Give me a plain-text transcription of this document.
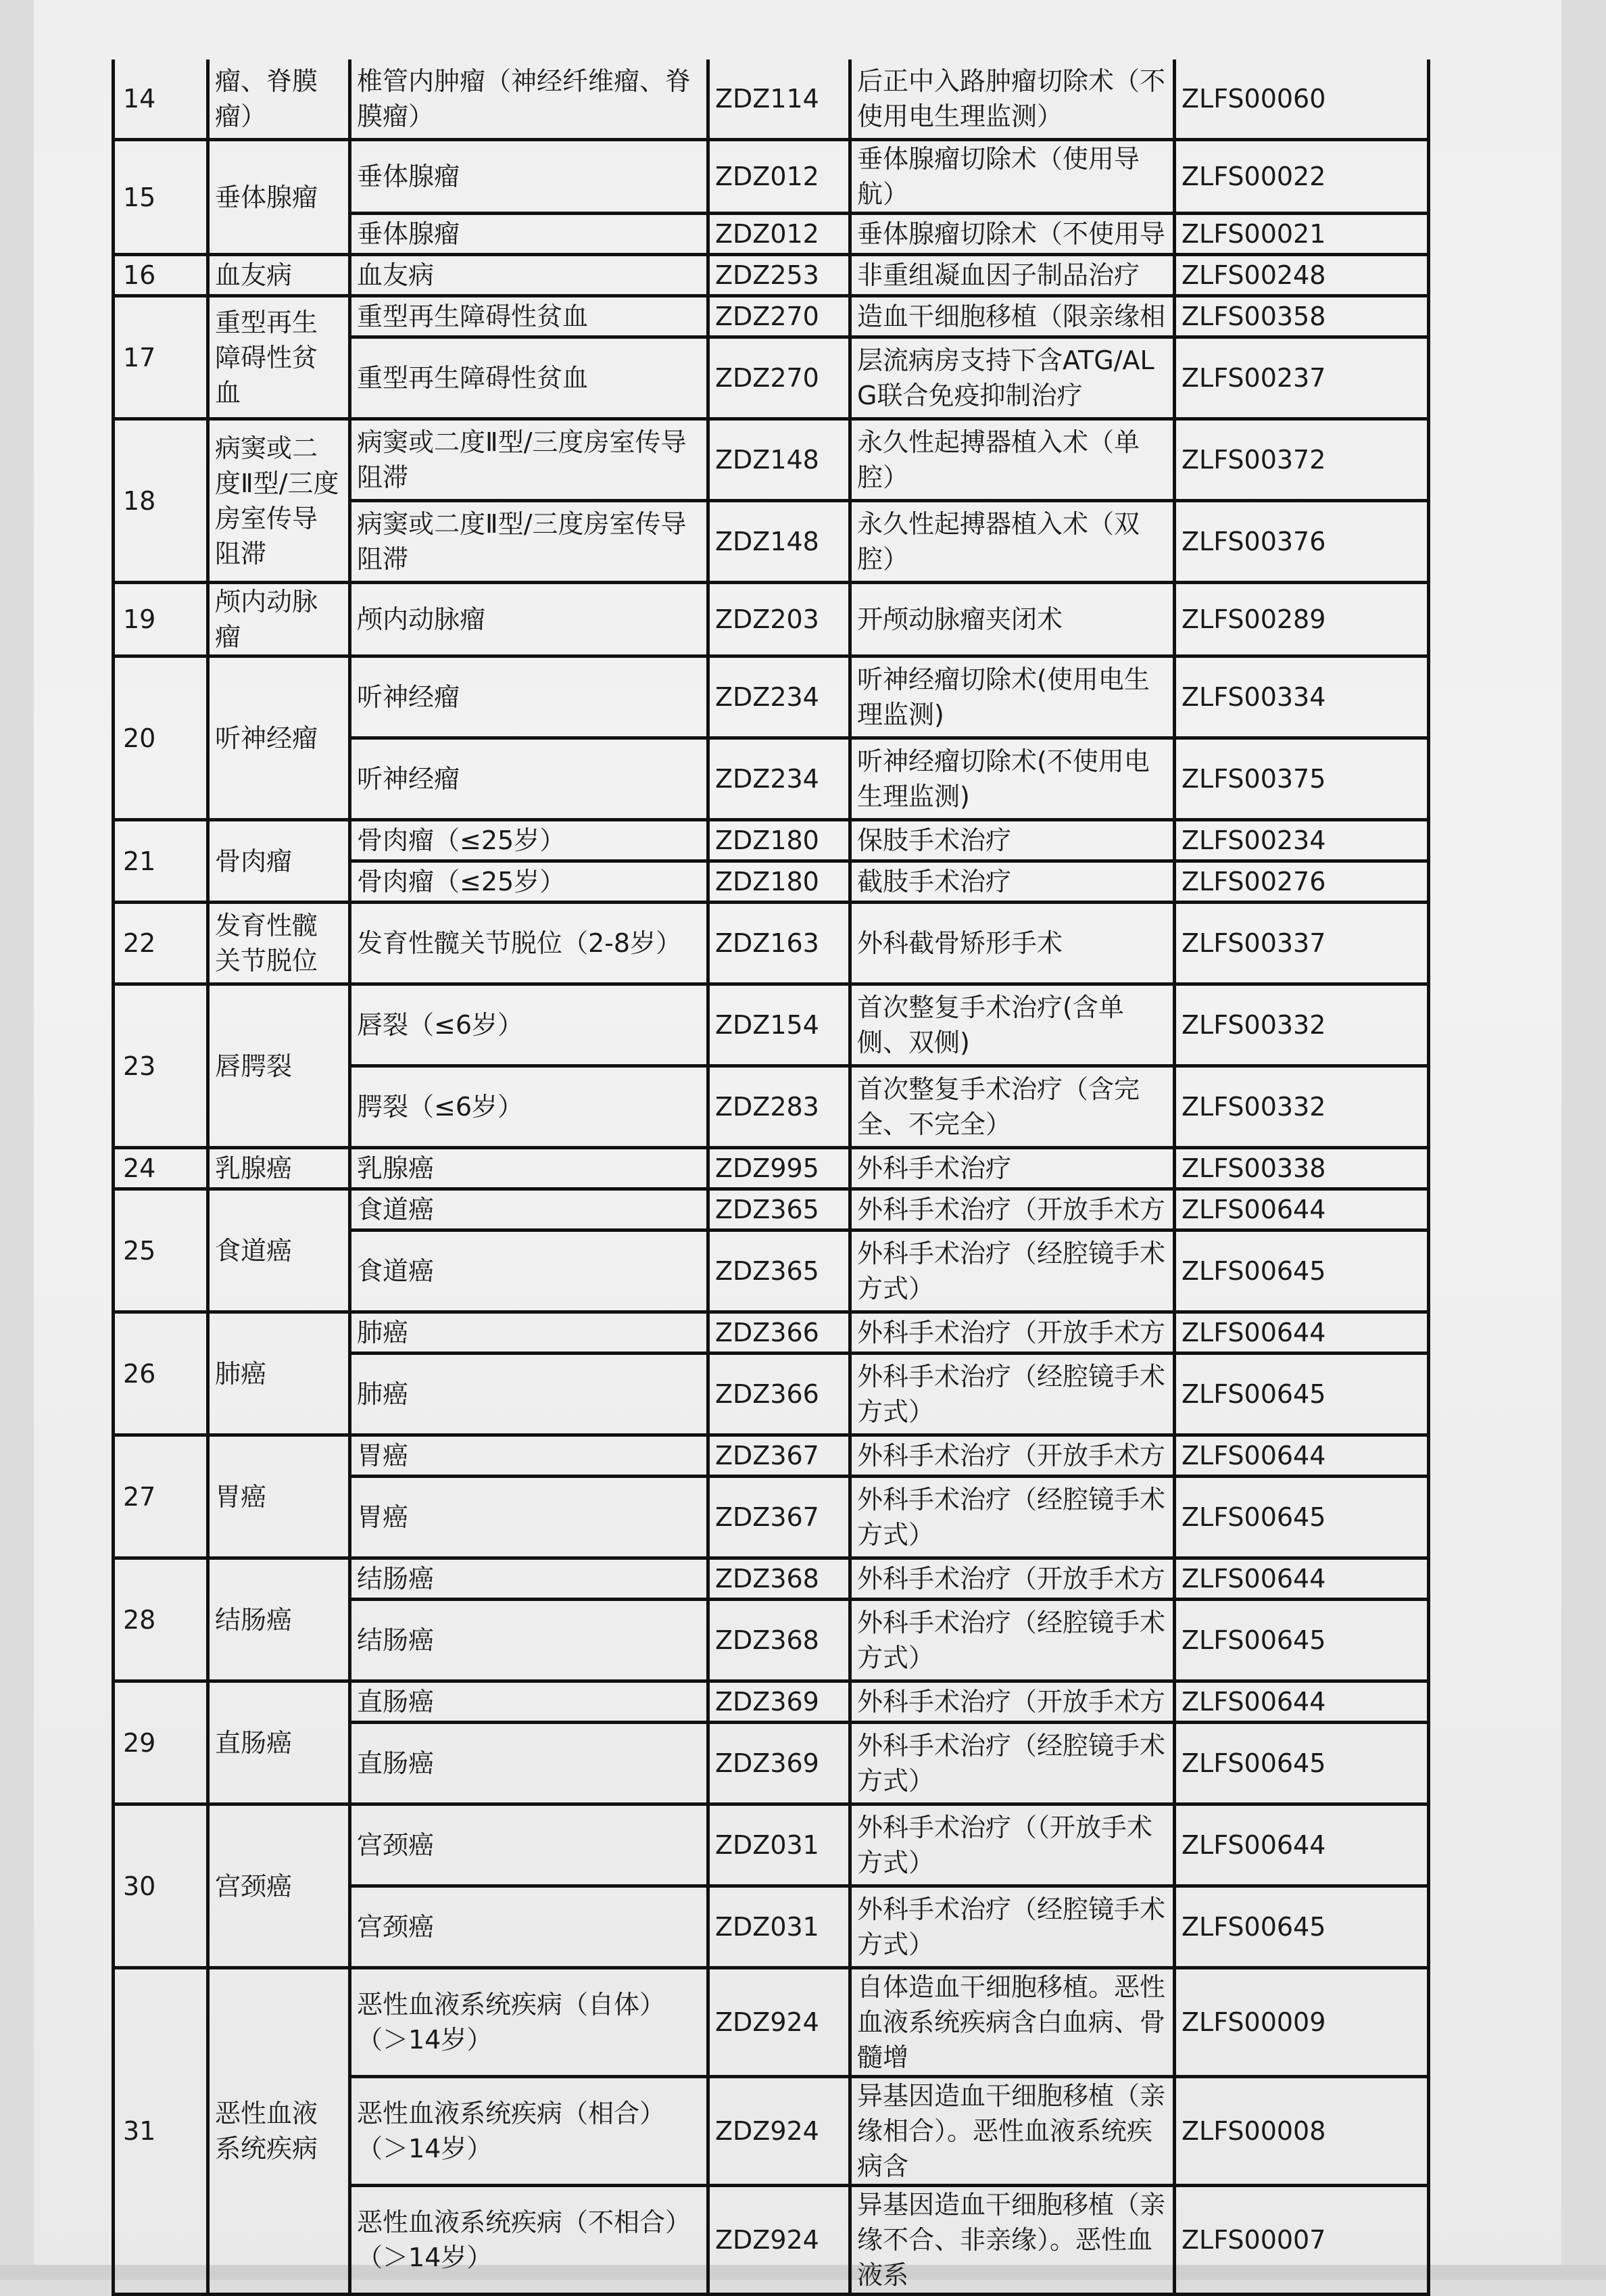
14	瘤、脊膜瘤）	椎管内肿瘤（神经纤维瘤、脊膜瘤）	ZDZ114	后正中入路肿瘤切除术（不使用电生理监测）	ZLFS00060
15	垂体腺瘤	垂体腺瘤	ZDZ012	垂体腺瘤切除术（使用导航）	ZLFS00022
		垂体腺瘤	ZDZ012	垂体腺瘤切除术（不使用导	ZLFS00021
16	血友病	血友病	ZDZ253	非重组凝血因子制品治疗	ZLFS00248
17	重型再生障碍性贫血	重型再生障碍性贫血	ZDZ270	造血干细胞移植（限亲缘相	ZLFS00358
		重型再生障碍性贫血	ZDZ270	层流病房支持下含ATG/ALG联合免疫抑制治疗	ZLFS00237
18	病窦或二度Ⅱ型/三度房室传导阻滞	病窦或二度Ⅱ型/三度房室传导阻滞	ZDZ148	永久性起搏器植入术（单腔）	ZLFS00372
		病窦或二度Ⅱ型/三度房室传导阻滞	ZDZ148	永久性起搏器植入术（双腔）	ZLFS00376
19	颅内动脉瘤	颅内动脉瘤	ZDZ203	开颅动脉瘤夹闭术	ZLFS00289
20	听神经瘤	听神经瘤	ZDZ234	听神经瘤切除术(使用电生理监测)	ZLFS00334
		听神经瘤	ZDZ234	听神经瘤切除术(不使用电生理监测)	ZLFS00375
21	骨肉瘤	骨肉瘤（≤25岁）	ZDZ180	保肢手术治疗	ZLFS00234
		骨肉瘤（≤25岁）	ZDZ180	截肢手术治疗	ZLFS00276
22	发育性髋关节脱位	发育性髋关节脱位（2-8岁）	ZDZ163	外科截骨矫形手术	ZLFS00337
23	唇腭裂	唇裂（≤6岁）	ZDZ154	首次整复手术治疗(含单侧、双侧)	ZLFS00332
		腭裂（≤6岁）	ZDZ283	首次整复手术治疗（含完全、不完全）	ZLFS00332
24	乳腺癌	乳腺癌	ZDZ995	外科手术治疗	ZLFS00338
25	食道癌	食道癌	ZDZ365	外科手术治疗（开放手术方	ZLFS00644
		食道癌	ZDZ365	外科手术治疗（经腔镜手术方式）	ZLFS00645
26	肺癌	肺癌	ZDZ366	外科手术治疗（开放手术方	ZLFS00644
		肺癌	ZDZ366	外科手术治疗（经腔镜手术方式）	ZLFS00645
27	胃癌	胃癌	ZDZ367	外科手术治疗（开放手术方	ZLFS00644
		胃癌	ZDZ367	外科手术治疗（经腔镜手术方式）	ZLFS00645
28	结肠癌	结肠癌	ZDZ368	外科手术治疗（开放手术方	ZLFS00644
		结肠癌	ZDZ368	外科手术治疗（经腔镜手术方式）	ZLFS00645
29	直肠癌	直肠癌	ZDZ369	外科手术治疗（开放手术方	ZLFS00644
		直肠癌	ZDZ369	外科手术治疗（经腔镜手术方式）	ZLFS00645
30	宫颈癌	宫颈癌	ZDZ031	外科手术治疗（（开放手术方式）	ZLFS00644
		宫颈癌	ZDZ031	外科手术治疗（经腔镜手术方式）	ZLFS00645
31	恶性血液系统疾病	恶性血液系统疾病（自体）（＞14岁）	ZDZ924	自体造血干细胞移植。恶性血液系统疾病含白血病、骨髓增	ZLFS00009
		恶性血液系统疾病（相合）（＞14岁）	ZDZ924	异基因造血干细胞移植（亲缘相合）。恶性血液系统疾病含	ZLFS00008
		恶性血液系统疾病（不相合）（＞14岁）	ZDZ924	异基因造血干细胞移植（亲缘不合、非亲缘）。恶性血液系	ZLFS00007
